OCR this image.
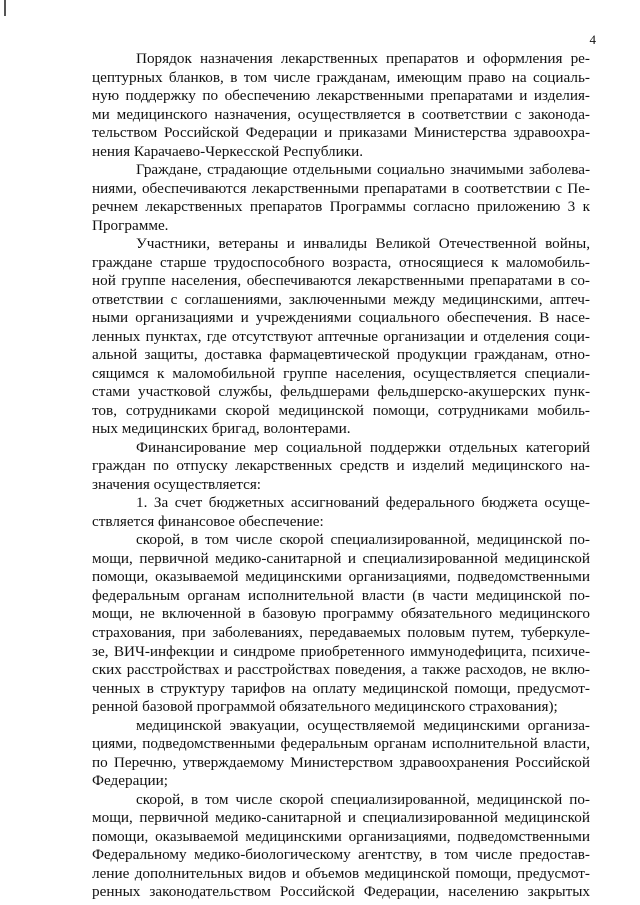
4
Порядок назначения лекарственных препаратов и оформления ре-
цептурных бланков, в том числе гражданам, имеющим право на социаль-
ную поддержку по обеспечению лекарственными препаратами и изделия-
ми медицинского назначения, осуществляется в соответствии с законода-
тельством Российской Федерации и приказами Министерства здравоохра-
нения Карачаево-Черкесской Республики.
Граждане, страдающие отдельными социально значимыми заболева-
ниями, обеспечиваются лекарственными препаратами в соответствии с Пе-
речнем лекарственных препаратов Программы согласно приложению 3 к
Программе.
Участники, ветераны и инвалиды Великой Отечественной войны,
граждане старше трудоспособного возраста, относящиеся к маломобиль-
ной группе населения, обеспечиваются лекарственными препаратами в со-
ответствии с соглашениями, заключенными между медицинскими, аптеч-
ными организациями и учреждениями социального обеспечения. В насе-
ленных пунктах, где отсутствуют аптечные организации и отделения соци-
альной защиты, доставка фармацевтической продукции гражданам, отно-
сящимся к маломобильной группе населения, осуществляется специали-
стами участковой службы, фельдшерами фельдшерско-акушерских пунк-
тов, сотрудниками скорой медицинской помощи, сотрудниками мобиль-
ных медицинских бригад, волонтерами.
Финансирование мер социальной поддержки отдельных категорий
граждан по отпуску лекарственных средств и изделий медицинского на-
значения осуществляется:
1. За счет бюджетных ассигнований федерального бюджета осуще-
ствляется финансовое обеспечение:
скорой, в том числе скорой специализированной, медицинской по-
мощи, первичной медико-санитарной и специализированной медицинской
помощи, оказываемой медицинскими организациями, подведомственными
федеральным органам исполнительной власти (в части медицинской по-
мощи, не включенной в базовую программу обязательного медицинского
страхования, при заболеваниях, передаваемых половым путем, туберкуле-
зе, ВИЧ-инфекции и синдроме приобретенного иммунодефицита, психиче-
ских расстройствах и расстройствах поведения, а также расходов, не вклю-
ченных в структуру тарифов на оплату медицинской помощи, предусмот-
ренной базовой программой обязательного медицинского страхования);
медицинской эвакуации, осуществляемой медицинскими организа-
циями, подведомственными федеральным органам исполнительной власти,
по Перечню, утверждаемому Министерством здравоохранения Российской
Федерации;
скорой, в том числе скорой специализированной, медицинской по-
мощи, первичной медико-санитарной и специализированной медицинской
помощи, оказываемой медицинскими организациями, подведомственными
Федеральному медико-биологическому агентству, в том числе предостав-
ление дополнительных видов и объемов медицинской помощи, предусмот-
ренных законодательством Российской Федерации, населению закрытых
